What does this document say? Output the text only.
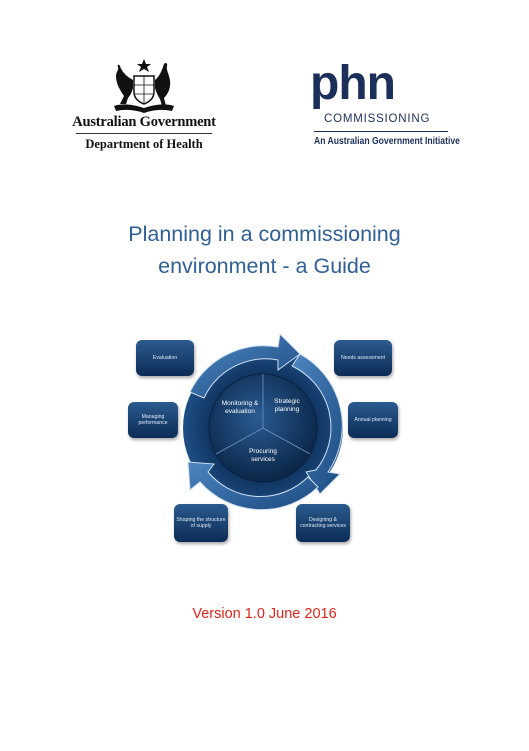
Australian Government
Department of Health
phn
COMMISSIONING
An Australian Government Initiative
Planning in a commissioning
environment - a Guide
Monitoring & evaluation
Strategic planning
Procuring services
Evaluation	Needs assessment
Managing performance
Annual planning
Shaping the structure of supply
Designing & contracting services
Version 1.0 June 2016
